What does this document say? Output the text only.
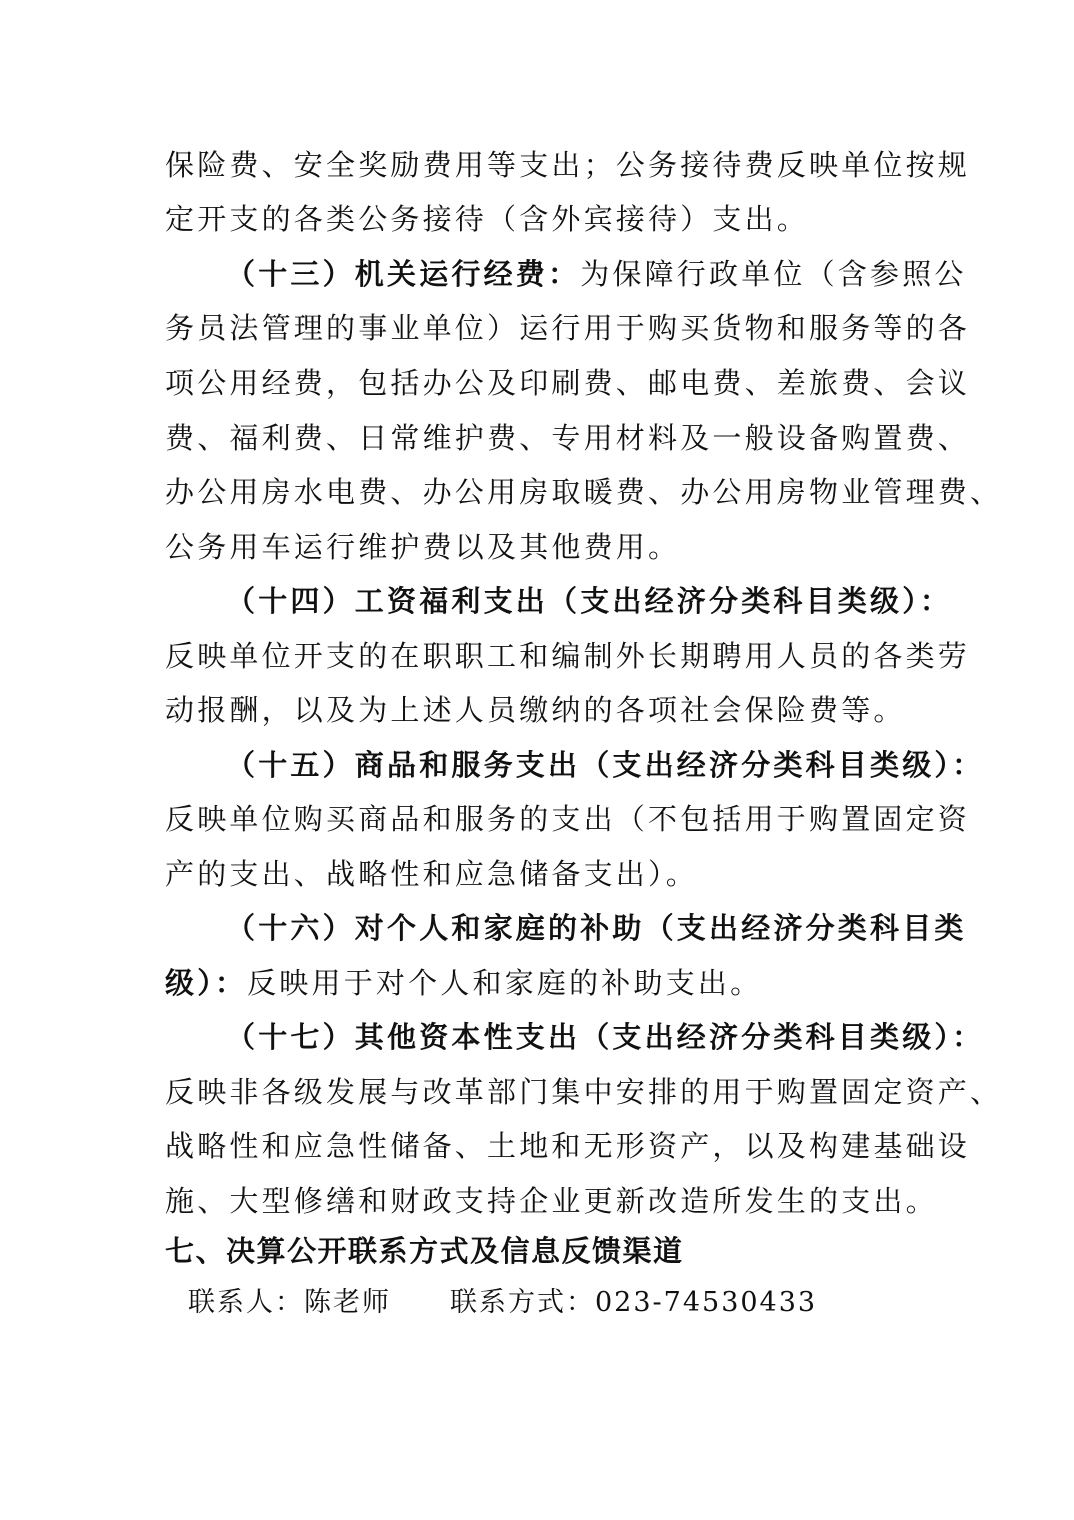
保险费、安全奖励费用等支出；公务接待费反映单位按规
定开支的各类公务接待（含外宾接待）支出。
（十三）机关运行经费：为保障行政单位（含参照公
务员法管理的事业单位）运行用于购买货物和服务等的各
项公用经费，包括办公及印刷费、邮电费、差旅费、会议
费、福利费、日常维护费、专用材料及一般设备购置费、
办公用房水电费、办公用房取暖费、办公用房物业管理费、
公务用车运行维护费以及其他费用。
（十四）工资福利支出（支出经济分类科目类级）：
反映单位开支的在职职工和编制外长期聘用人员的各类劳
动报酬，以及为上述人员缴纳的各项社会保险费等。
（十五）商品和服务支出（支出经济分类科目类级）：
反映单位购买商品和服务的支出（不包括用于购置固定资
产的支出、战略性和应急储备支出）。
（十六）对个人和家庭的补助（支出经济分类科目类
级）：反映用于对个人和家庭的补助支出。
（十七）其他资本性支出（支出经济分类科目类级）：
反映非各级发展与改革部门集中安排的用于购置固定资产、
战略性和应急性储备、土地和无形资产，以及构建基础设
施、大型修缮和财政支持企业更新改造所发生的支出。
七、决算公开联系方式及信息反馈渠道
联系人：陈老师 联系方式：023-74530433
